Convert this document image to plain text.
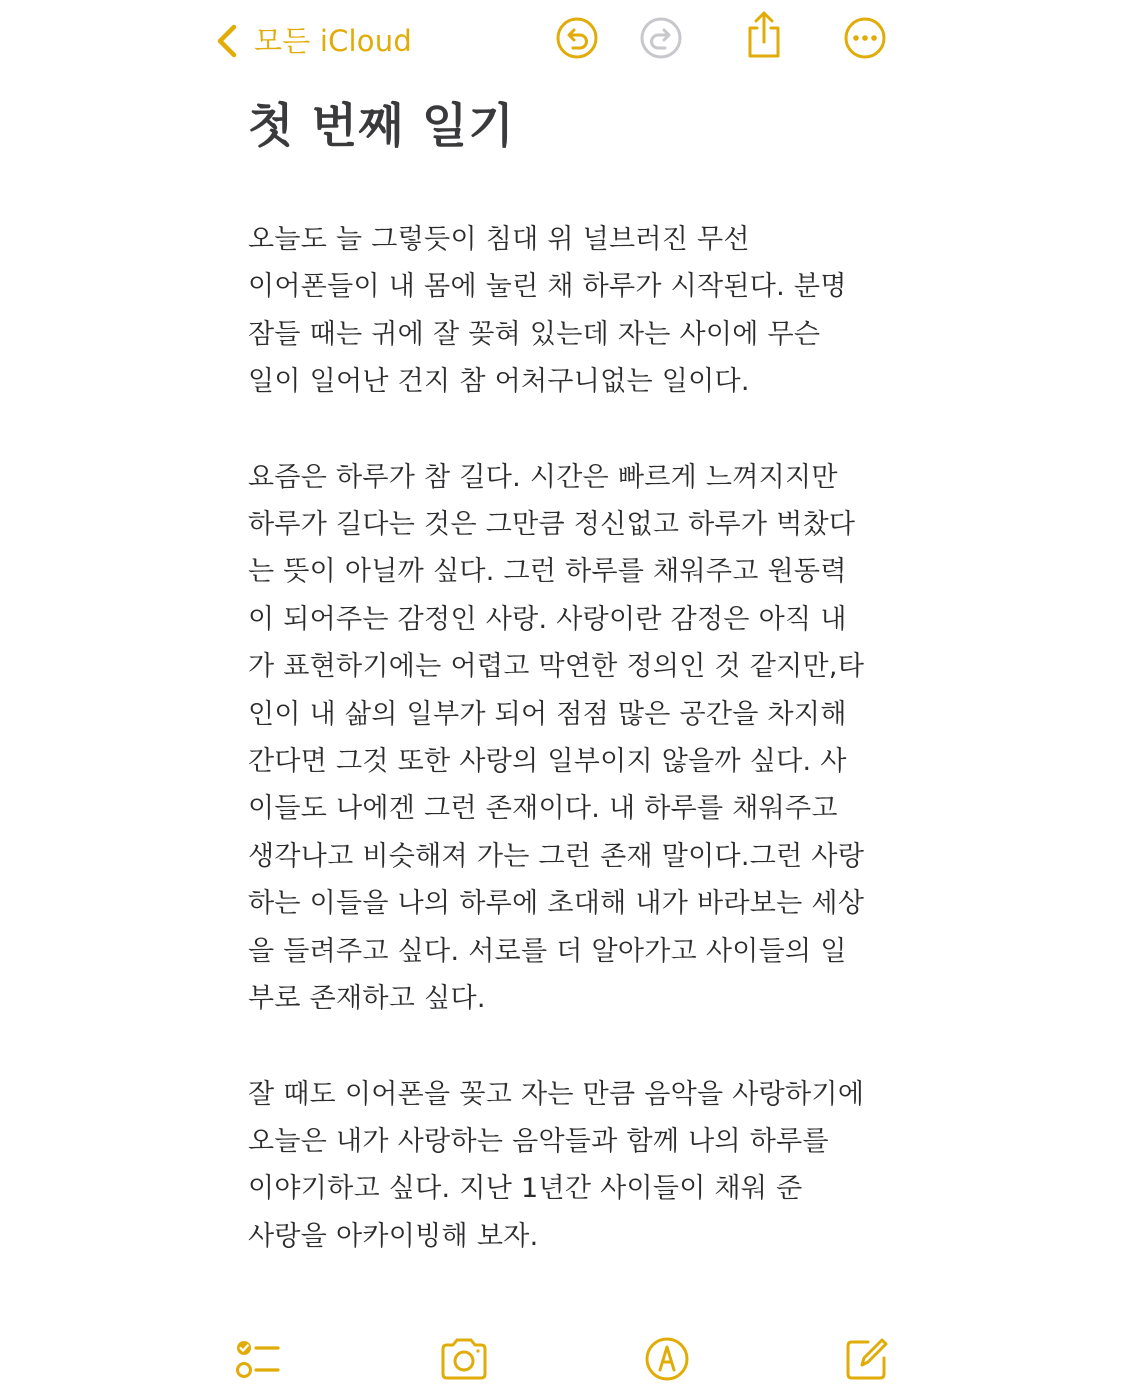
모든 iCloud
첫 번째 일기
오늘도 늘 그렇듯이 침대 위 널브러진 무선
이어폰들이 내 몸에 눌린 채 하루가 시작된다. 분명
잠들 때는 귀에 잘 꽂혀 있는데 자는 사이에 무슨
일이 일어난 건지 참 어처구니없는 일이다.
요즘은 하루가 참 길다. 시간은 빠르게 느껴지지만
하루가 길다는 것은 그만큼 정신없고 하루가 벅찼다
는 뜻이 아닐까 싶다. 그런 하루를 채워주고 원동력
이 되어주는 감정인 사랑. 사랑이란 감정은 아직 내
가 표현하기에는 어렵고 막연한 정의인 것 같지만,타
인이 내 삶의 일부가 되어 점점 많은 공간을 차지해
간다면 그것 또한 사랑의 일부이지 않을까 싶다. 사
이들도 나에겐 그런 존재이다. 내 하루를 채워주고
생각나고 비슷해져 가는 그런 존재 말이다.그런 사랑
하는 이들을 나의 하루에 초대해 내가 바라보는 세상
을 들려주고 싶다. 서로를 더 알아가고 사이들의 일
부로 존재하고 싶다.
잘 때도 이어폰을 꽂고 자는 만큼 음악을 사랑하기에
오늘은 내가 사랑하는 음악들과 함께 나의 하루를
이야기하고 싶다. 지난 1년간 사이들이 채워 준
사랑을 아카이빙해 보자.
